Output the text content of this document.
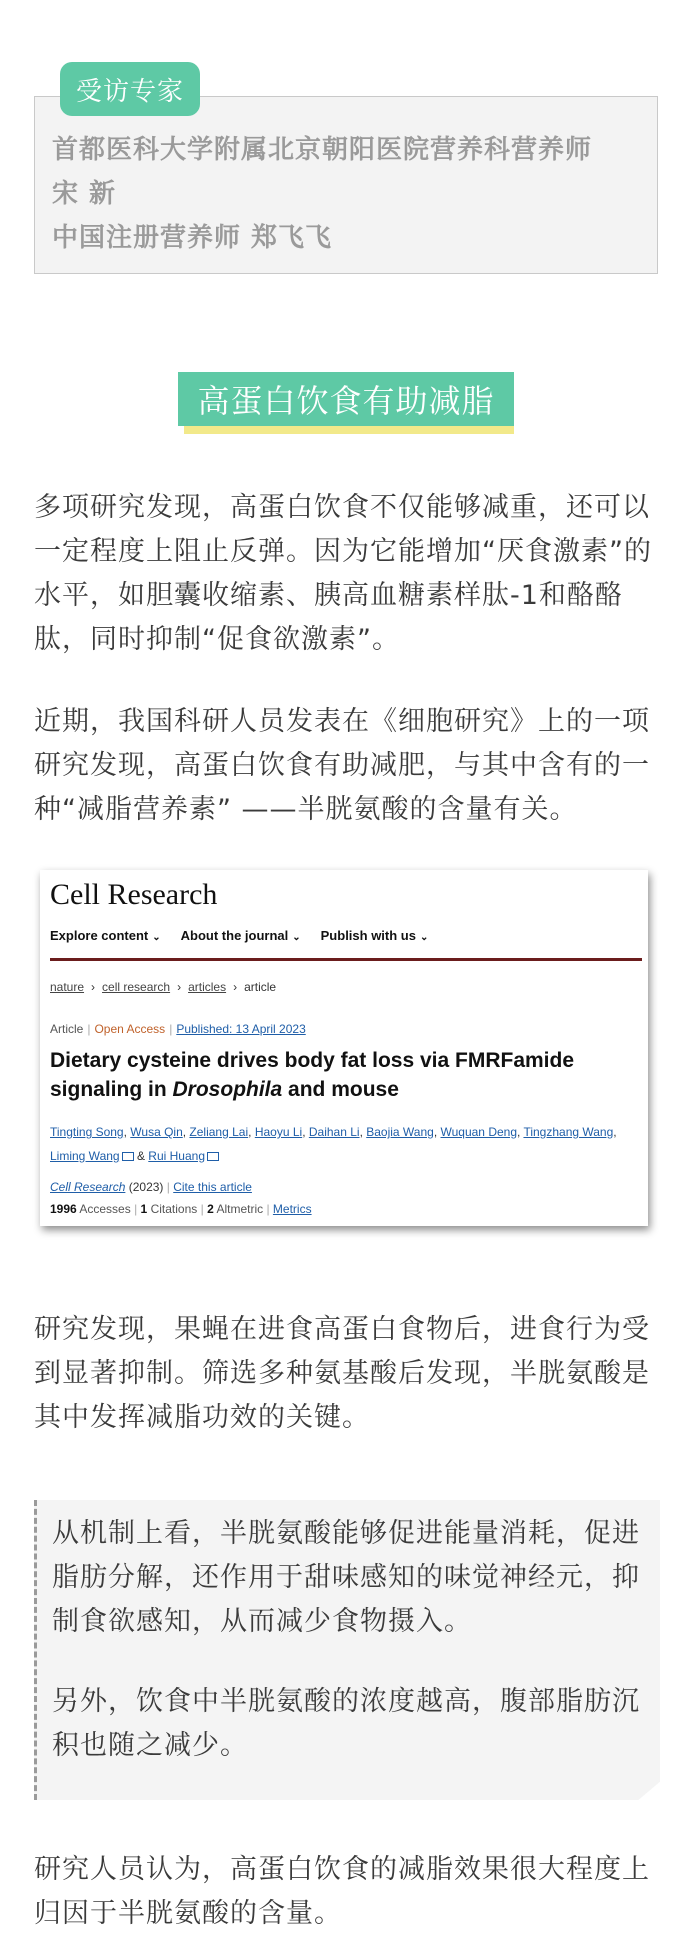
受访专家
首都医科大学附属北京朝阳医院营养科营养师
宋 新
中国注册营养师 郑飞飞
高蛋白饮食有助减脂
多项研究发现，高蛋白饮食不仅能够减重，还可以一定程度上阻止反弹。因为它能增加“厌食激素”的水平，如胆囊收缩素、胰高血糖素样肽-1和酪酪肽，同时抑制“促食欲激素”。
近期，我国科研人员发表在《细胞研究》上的一项研究发现，高蛋白饮食有助减肥，与其中含有的一种“减脂营养素” ——半胱氨酸的含量有关。
Cell Research
Explore content ⌄ About the journal ⌄ Publish with us ⌄
nature › cell research › articles › article
Article | Open Access | Published: 13 April 2023
Dietary cysteine drives body fat loss via FMRFamide signaling in Drosophila and mouse
Tingting Song, Wusa Qin, Zeliang Lai, Haoyu Li, Daihan Li, Baojia Wang, Wuquan Deng, Tingzhang Wang,
Liming Wang & Rui Huang
Cell Research (2023) | Cite this article
1996 Accesses | 1 Citations | 2 Altmetric | Metrics
研究发现，果蝇在进食高蛋白食物后，进食行为受到显著抑制。筛选多种氨基酸后发现，半胱氨酸是其中发挥减脂功效的关键。
从机制上看，半胱氨酸能够促进能量消耗，促进脂肪分解，还作用于甜味感知的味觉神经元，抑制食欲感知，从而减少食物摄入。
另外，饮食中半胱氨酸的浓度越高，腹部脂肪沉积也随之减少。
研究人员认为，高蛋白饮食的减脂效果很大程度上归因于半胱氨酸的含量。
